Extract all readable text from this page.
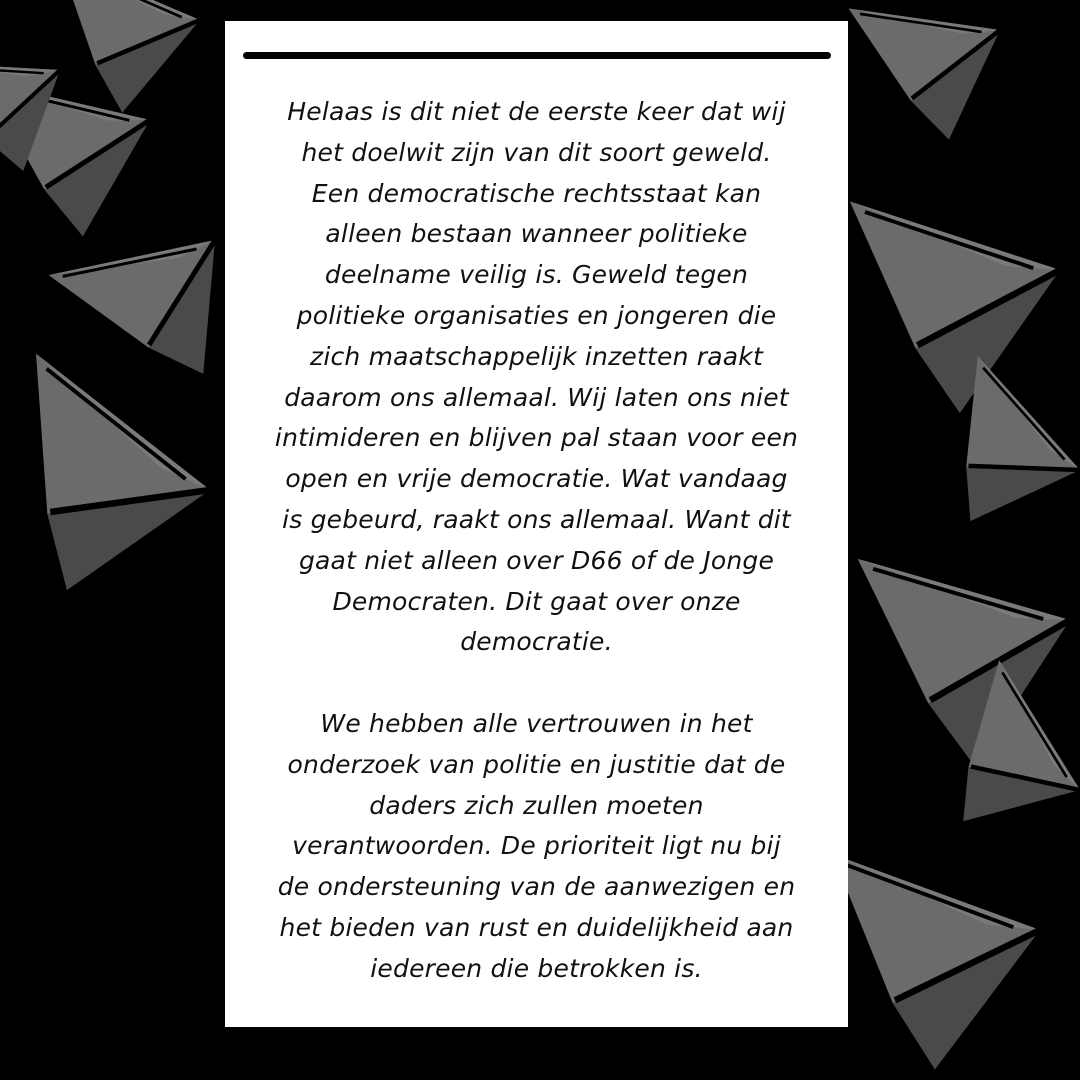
Helaas is dit niet de eerste keer dat wij
het doelwit zijn van dit soort geweld.
Een democratische rechtsstaat kan
alleen bestaan wanneer politieke
deelname veilig is. Geweld tegen
politieke organisaties en jongeren die
zich maatschappelijk inzetten raakt
daarom ons allemaal. Wij laten ons niet
intimideren en blijven pal staan voor een
open en vrije democratie. Wat vandaag
is gebeurd, raakt ons allemaal. Want dit
gaat niet alleen over D66 of de Jonge
Democraten. Dit gaat over onze
democratie.

We hebben alle vertrouwen in het
onderzoek van politie en justitie dat de
daders zich zullen moeten
verantwoorden. De prioriteit ligt nu bij
de ondersteuning van de aanwezigen en
het bieden van rust en duidelijkheid aan
iedereen die betrokken is.
